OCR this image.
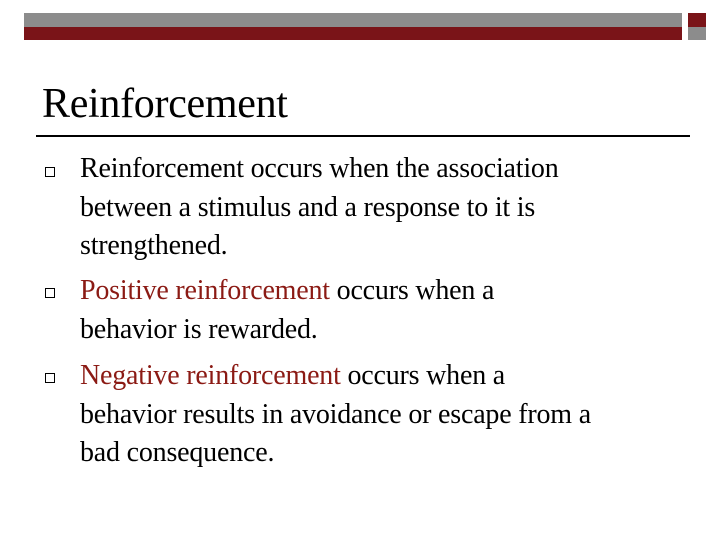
Reinforcement
Reinforcement occurs when the association
between a stimulus and a response to it is
strengthened.
Positive reinforcement occurs when a
behavior is rewarded.
Negative reinforcement occurs when a
behavior results in avoidance or escape from a
bad consequence.
